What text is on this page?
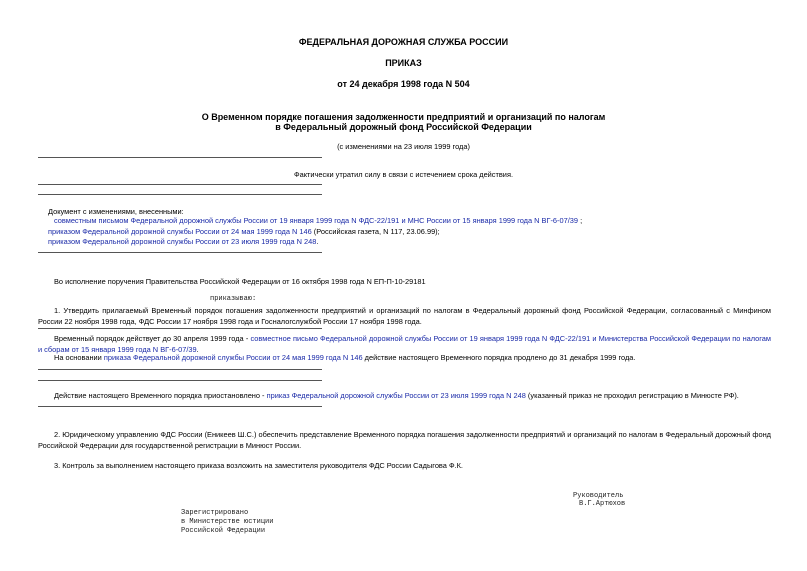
ФЕДЕРАЛЬНАЯ ДОРОЖНАЯ СЛУЖБА РОССИИ
ПРИКАЗ
от 24 декабря 1998 года N 504
О Временном порядке погашения задолженности предприятий и организаций по налогам
в Федеральный дорожный фонд Российской Федерации
(с изменениями на 23 июля 1999 года)
Фактически утратил силу в связи с истечением срока действия.
Документ с изменениями, внесенными:
совместным письмом Федеральной дорожной службы России от 19 января 1999 года N ФДС-22/191 и МНС России от 15 января 1999 года N ВГ-6-07/39 ;
приказом Федеральной дорожной службы России от 24 мая 1999 года N 146 (Российская газета, N 117, 23.06.99);
приказом Федеральной дорожной службы России от 23 июля 1999 года N 248.
Во исполнение поручения Правительства Российской Федерации от 16 октября 1998 года N ЕП-П-10-29181
приказываю:
1. Утвердить прилагаемый Временный порядок погашения задолженности предприятий и организаций по налогам в Федеральный дорожный фонд Российской Федерации, согласованный с Минфином России 22 ноября 1998 года, ФДС России 17 ноября 1998 года и Госналогслужбой России 17 ноября 1998 года.
Временный порядок действует до 30 апреля 1999 года - совместное письмо Федеральной дорожной службы России от 19 января 1999 года N ФДС-22/191 и Министерства Российской Федерации по налогам и сборам от 15 января 1999 года N ВГ-6-07/39.
На основании приказа Федеральной дорожной службы России от 24 мая 1999 года N 146 действие настоящего Временного порядка продлено до 31 декабря 1999 года.
Действие настоящего Временного порядка приостановлено - приказ Федеральной дорожной службы России от 23 июля 1999 года N 248 (указанный приказ не проходил регистрацию в Минюсте РФ).
2. Юридическому управлению ФДС России (Еникеев Ш.С.) обеспечить представление Временного порядка погашения задолженности предприятий и организаций по налогам в Федеральный дорожный фонд Российской Федерации для государственной регистрации в Минюст России.
3. Контроль за выполнением настоящего приказа возложить на заместителя руководителя ФДС России Садыгова Ф.К.
Руководитель
В.Г.Артюхов
Зарегистрировано
в Министерстве юстиции
Российской Федерации
